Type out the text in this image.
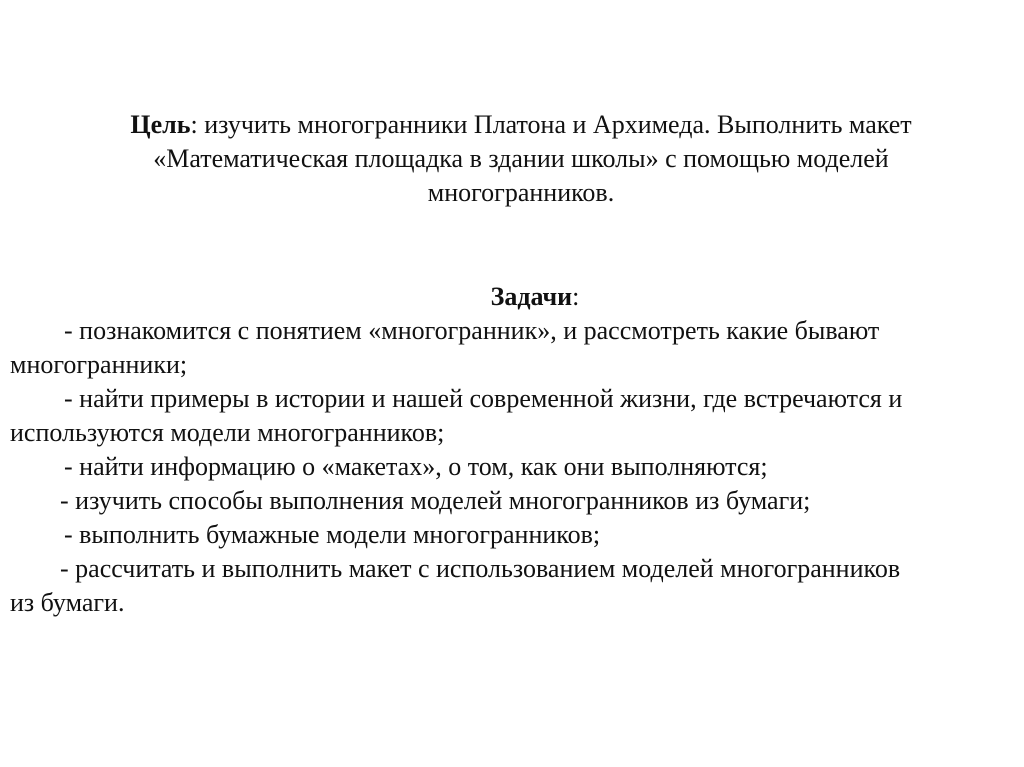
Цель: изучить многогранники Платона и Архимеда. Выполнить макет «Математическая площадка в здании школы» с помощью моделей многогранников.
Задачи:
- познакомится с понятием «многогранник», и рассмотреть какие бывают
многогранники;
- найти примеры в истории и нашей современной жизни, где встречаются и
используются модели многогранников;
- найти информацию о «макетах», о том, как они выполняются;
- изучить способы выполнения моделей многогранников из бумаги;
- выполнить бумажные модели многогранников;
- рассчитать и выполнить макет с использованием моделей многогранников
из бумаги.
